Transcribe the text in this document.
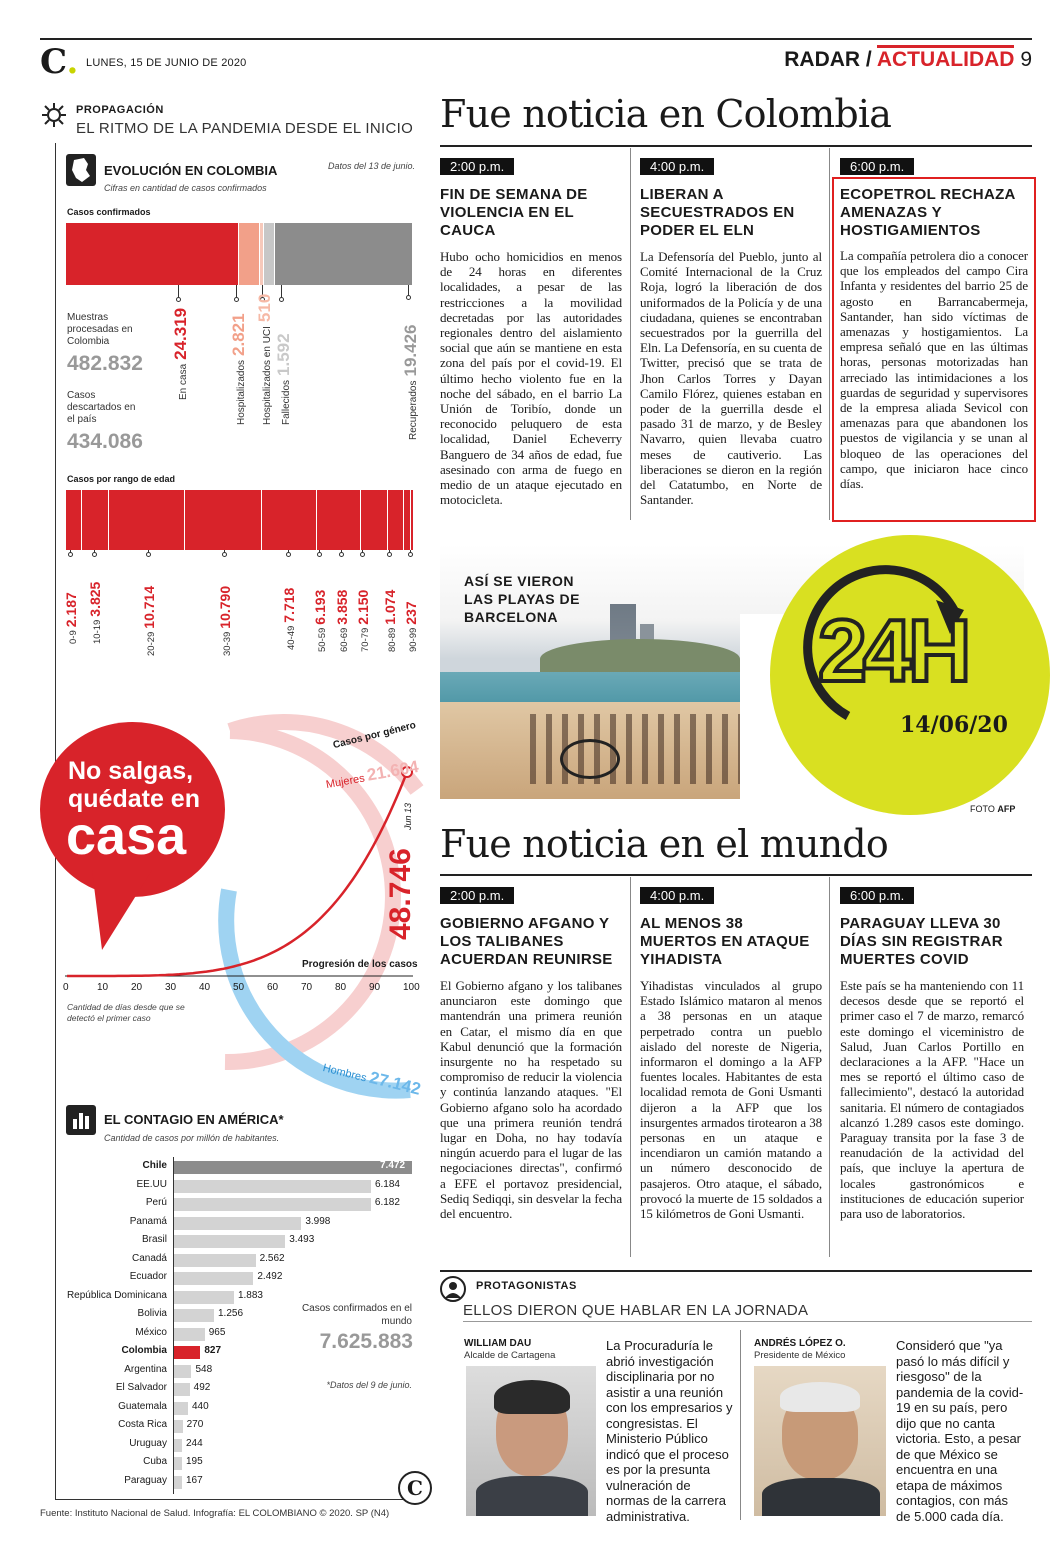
C. LUNES, 15 DE JUNIO DE 2020	RADAR / ACTUALIDAD 9
PROPAGACIÓN
EL RITMO DE LA PANDEMIA DESDE EL INICIO
EVOLUCIÓN EN COLOMBIA
Cifras en cantidad de casos confirmados
Datos del 13 de junio.
Casos confirmados
En casa24.319
Hospitalizados2.821	Hospitalizados en UCI510
Fallecidos1.592
Recuperados19.426
Muestras procesadas en Colombia
482.832
Casos descartados en el país
434.086
Casos por rango de edad
0-92.187
10-193.825
20-2910.714
30-3910.790
40-497.718
50-596.193
60-693.858
70-792.150
80-891.074
90-99237
No salgas,
quédate en
casa
Casos por género
Mujeres 21.604
Hombres 27.142
48.746
Jun 13
Progresión de los casos
0	10 20 30 40 50 60 70 80 90 100
Cantidad de días desde que se detectó el primer caso
EL CONTAGIO EN AMÉRICA*
Cantidad de casos por millón de habitantes.
Chile	7.472
EE.UU	6.184
Perú	6.182
Panamá	3.998
Brasil	3.493
Canadá	2.562
Ecuador	2.492
República Dominicana	1.883
Bolivia	1.256
México	965
Colombia	827
Argentina	548
El Salvador	492
Guatemala	440
Costa Rica 270
Uruguay 244
Cuba 195
Paraguay 167
Casos confirmados en el mundo
7.625.883
*Datos del 9 de junio.
C
Fuente: Instituto Nacional de Salud. Infografía: EL COLOMBIANO © 2020. SP (N4)
Fue noticia en Colombia
2:00 p.m.
FIN DE SEMANA DE VIOLENCIA EN EL CAUCA
Hubo ocho homicidios en menos de 24 horas en diferentes localidades, a pesar de las restricciones a la movilidad decretadas por las autoridades regionales dentro del aislamiento social que aún se mantiene en esta zona del país por el covid-19. El último hecho violento fue en la noche del sábado, en el barrio La Unión de Toribío, donde un reconocido peluquero de esta localidad, Daniel Echeverry Banguero de 34 años de edad, fue asesinado con arma de fuego en medio de un ataque ejecutado en motocicleta.
4:00 p.m.
LIBERAN A SECUESTRADOS EN PODER EL ELN
La Defensoría del Pueblo, junto al Comité Internacional de la Cruz Roja, logró la liberación de dos uniformados de la Policía y de una ciudadana, quienes se encontraban secuestrados por la guerrilla del Eln. La Defensoría, en su cuenta de Twitter, precisó que se trata de Jhon Carlos Torres y Dayan Camilo Flórez, quienes estaban en poder de la guerrilla desde el pasado 31 de marzo, y de Besley Navarro, quien llevaba cuatro meses de cautiverio. Las liberaciones se dieron en la región del Catatumbo, en Norte de Santander.
6:00 p.m.
ECOPETROL RECHAZA AMENAZAS Y HOSTIGAMIENTOS
La compañía petrolera dio a conocer que los empleados del campo Cira Infanta y residentes del barrio 25 de agosto en Barrancabermeja, Santander, han sido víctimas de amenazas y hostigamientos. La empresa señaló que en las últimas horas, personas motorizadas han arreciado las intimidaciones a los guardas de seguridad y supervisores de la empresa aliada Sevicol con amenazas para que abandonen los puestos de vigilancia y se unan al bloqueo de las operaciones del campo, que iniciaron hace cinco días.
ASÍ SE VIERON LAS PLAYAS DE BARCELONA	24H
14/06/20
FOTO AFP
Fue noticia en el mundo
2:00 p.m.
GOBIERNO AFGANO Y LOS TALIBANES ACUERDAN REUNIRSE
El Gobierno afgano y los talibanes anunciaron este domingo que mantendrán una primera reunión en Catar, el mismo día en que Kabul denunció que la formación insurgente no ha respetado su compromiso de reducir la violencia y continúa lanzando ataques. "El Gobierno afgano solo ha acordado que una primera reunión tendrá lugar en Doha, no hay todavía ningún acuerdo para el lugar de las negociaciones directas", confirmó a EFE el portavoz presidencial, Sediq Sediqqi, sin desvelar la fecha del encuentro.
4:00 p.m.
AL MENOS 38 MUERTOS EN ATAQUE YIHADISTA
Yihadistas vinculados al grupo Estado Islámico mataron al menos a 38 personas en un ataque perpetrado contra un pueblo aislado del noreste de Nigeria, informaron el domingo a la AFP fuentes locales. Habitantes de esta localidad remota de Goni Usmanti dijeron a la AFP que los insurgentes armados tirotearon a 38 personas en un ataque e incendiaron un camión matando a un número desconocido de pasajeros. Otro ataque, el sábado, provocó la muerte de 15 soldados a 15 kilómetros de Goni Usmanti.
6:00 p.m.
PARAGUAY LLEVA 30 DÍAS SIN REGISTRAR MUERTES COVID
Este país se ha manteniendo con 11 decesos desde que se reportó el primer caso el 7 de marzo, remarcó este domingo el viceministro de Salud, Juan Carlos Portillo en declaraciones a la AFP. "Hace un mes se reportó el último caso de fallecimiento", destacó la autoridad sanitaria. El número de contagiados alcanzó 1.289 casos este domingo. Paraguay transita por la fase 3 de reanudación de la actividad del país, que incluye la apertura de locales gastronómicos e instituciones de educación superior para uso de laboratorios.
PROTAGONISTAS
ELLOS DIERON QUE HABLAR EN LA JORNADA
WILLIAM DAU
Alcalde de Cartagena
La Procuraduría le abrió investigación disciplinaria por no asistir a una reunión con los empresarios y congresistas. El Ministerio Público indicó que el proceso es por la presunta vulneración de normas de la carrera administrativa.
ANDRÉS LÓPEZ O.
Presidente de México
Consideró que "ya pasó lo más difícil y riesgoso" de la pandemia de la covid-19 en su país, pero dijo que no canta victoria. Esto, a pesar de que México se encuentra en una etapa de máximos contagios, con más de 5.000 cada día.
